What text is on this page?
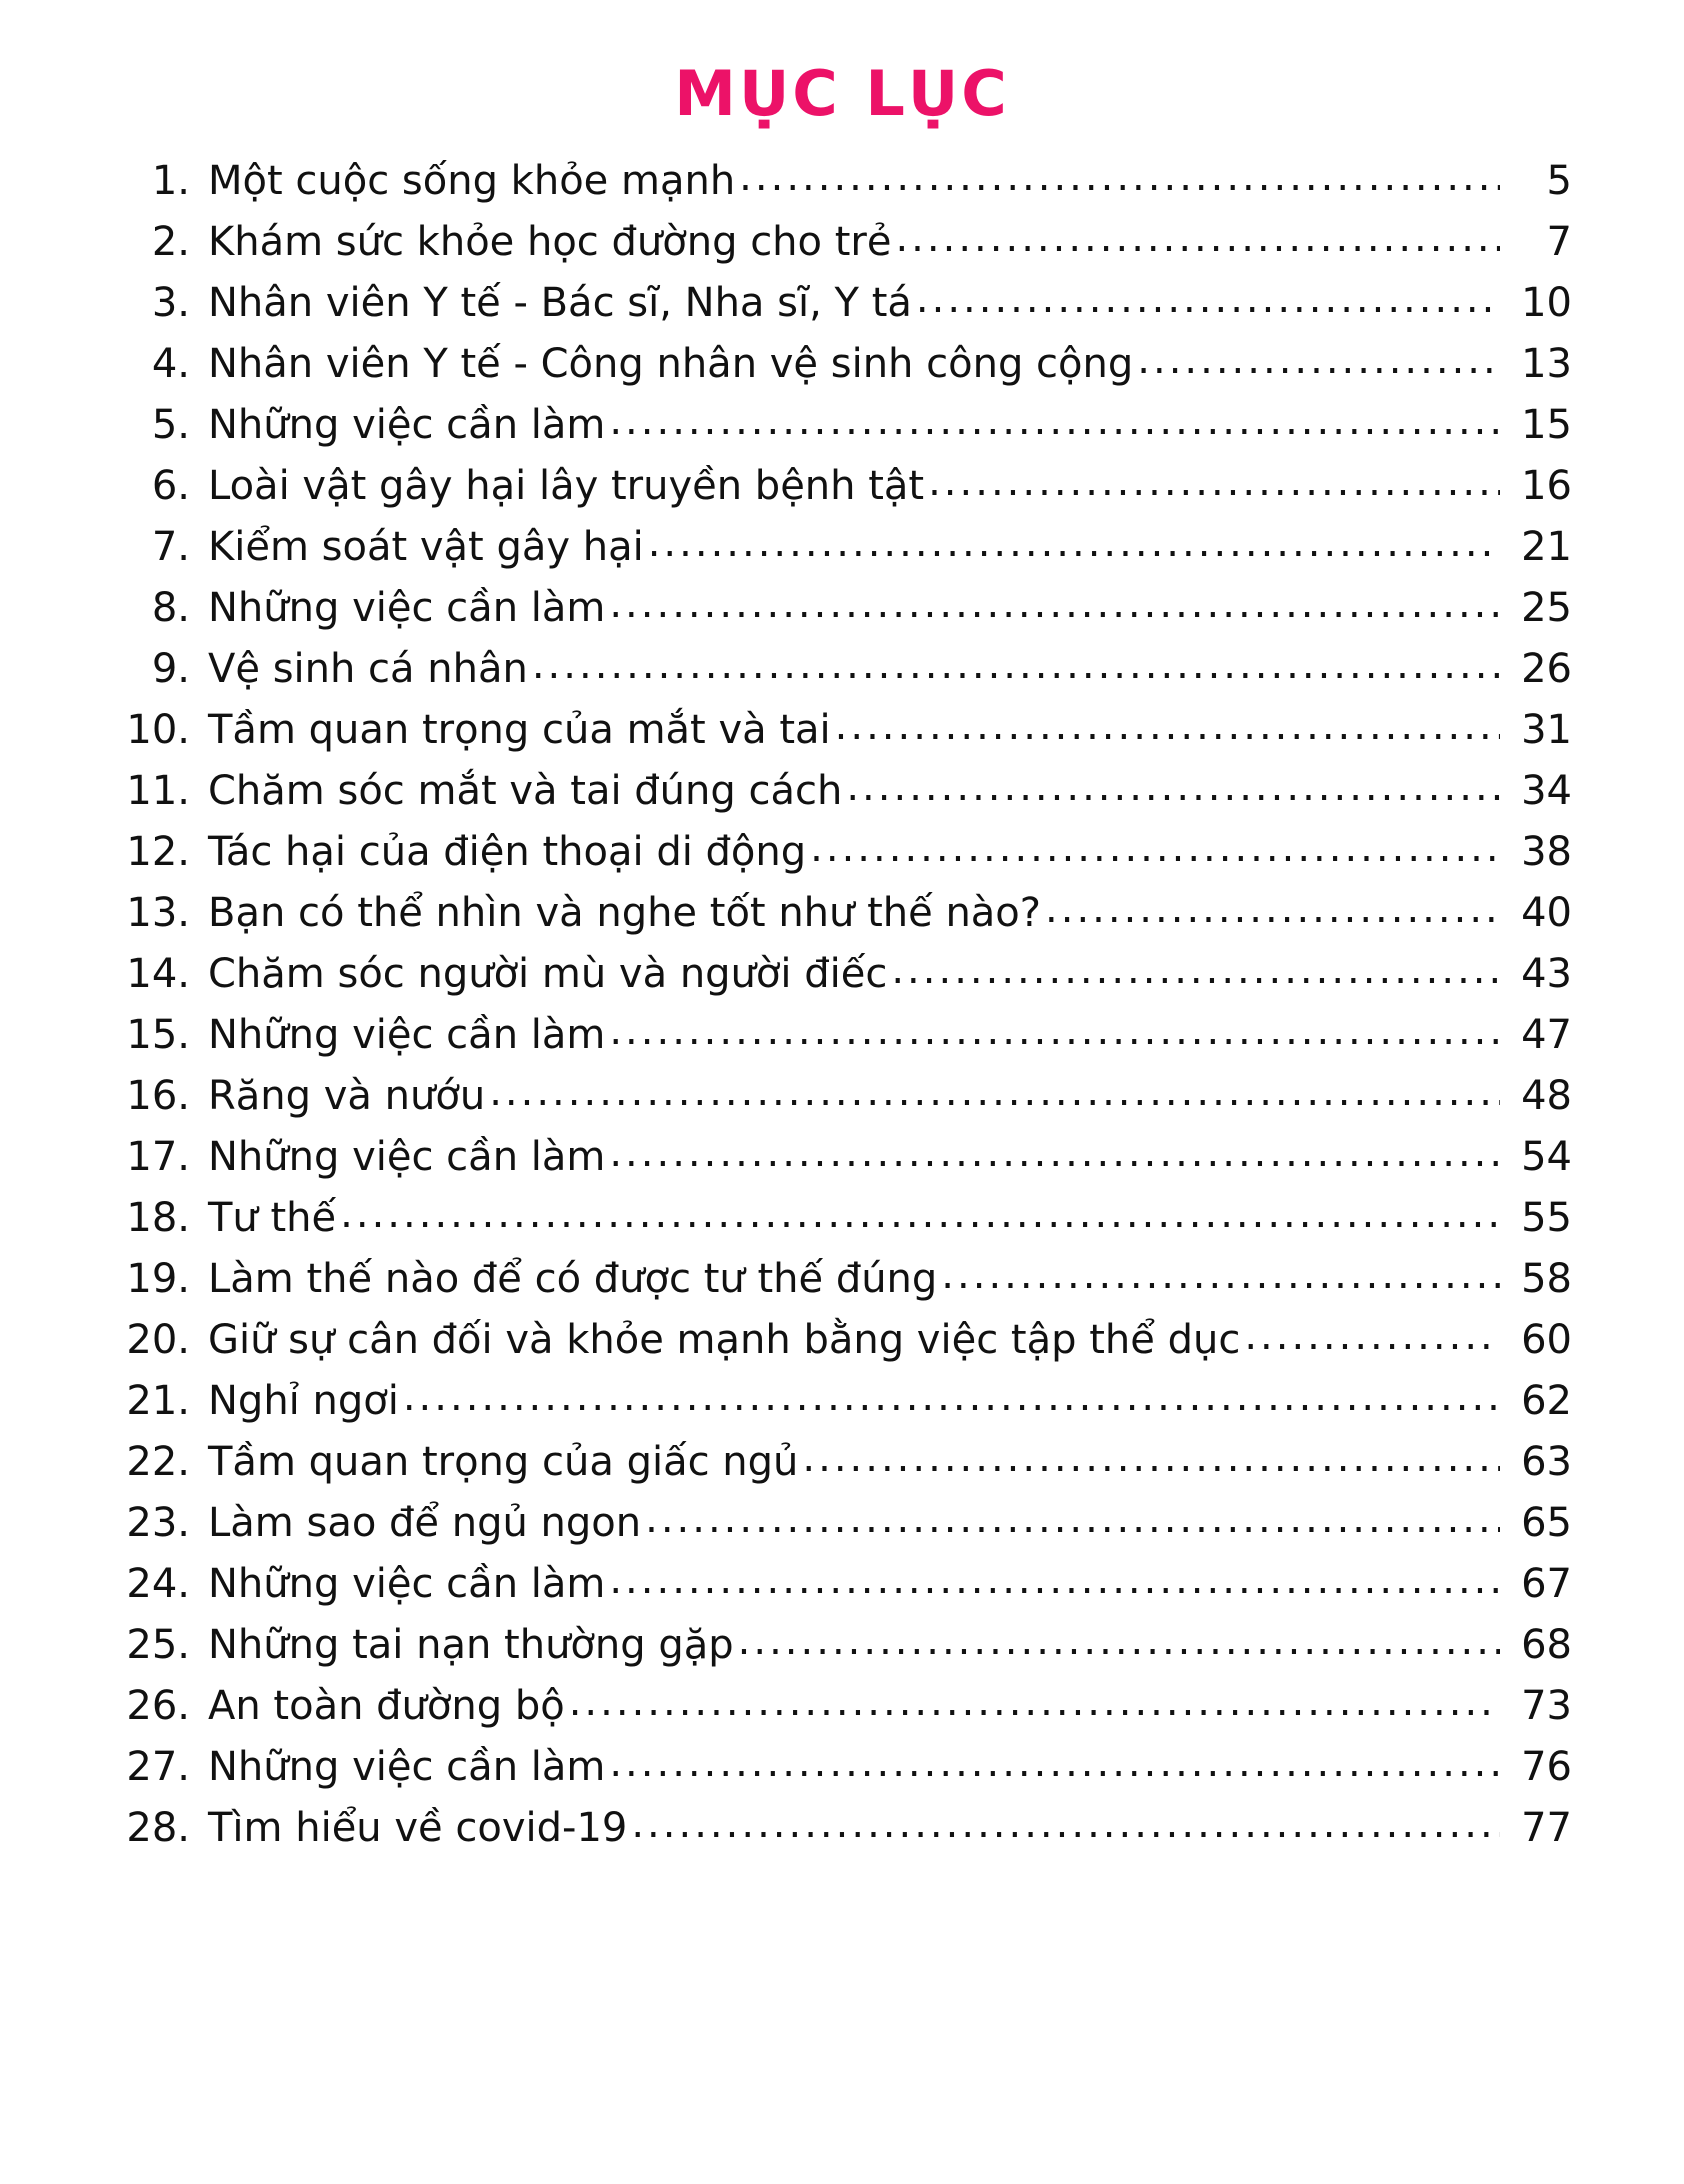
MỤC LỤC
1. Một cuộc sống khỏe mạnh .....	5
2. Khám sức khỏe học đường cho trẻ .....	7
3. Nhân viên Y tế - Bác sĩ, Nha sĩ, Y tá .....	10
4. Nhân viên Y tế - Công nhân vệ sinh công cộng .....	13
5. Những việc cần làm .....	15
6. Loài vật gây hại lây truyền bệnh tật .....	16
7. Kiểm soát vật gây hại .....	21
8. Những việc cần làm .....	25
9. Vệ sinh cá nhân .....	26
10. Tầm quan trọng của mắt và tai .....	31
11. Chăm sóc mắt và tai đúng cách .....	34
12. Tác hại của điện thoại di động .....	38
13. Bạn có thể nhìn và nghe tốt như thế nào? .....	40
14. Chăm sóc người mù và người điếc .....	43
15. Những việc cần làm .....	47
16. Răng và nướu .....	48
17. Những việc cần làm .....	54
18. Tư thế .....	55
19. Làm thế nào để có được tư thế đúng .....	58
20. Giữ sự cân đối và khỏe mạnh bằng việc tập thể dục .....	60
21. Nghỉ ngơi .....	62
22. Tầm quan trọng của giấc ngủ .....	63
23. Làm sao để ngủ ngon .....	65
24. Những việc cần làm .....	67
25. Những tai nạn thường gặp .....	68
26. An toàn đường bộ .....	73
27. Những việc cần làm .....	76
28. Tìm hiểu về covid-19 .....	77
